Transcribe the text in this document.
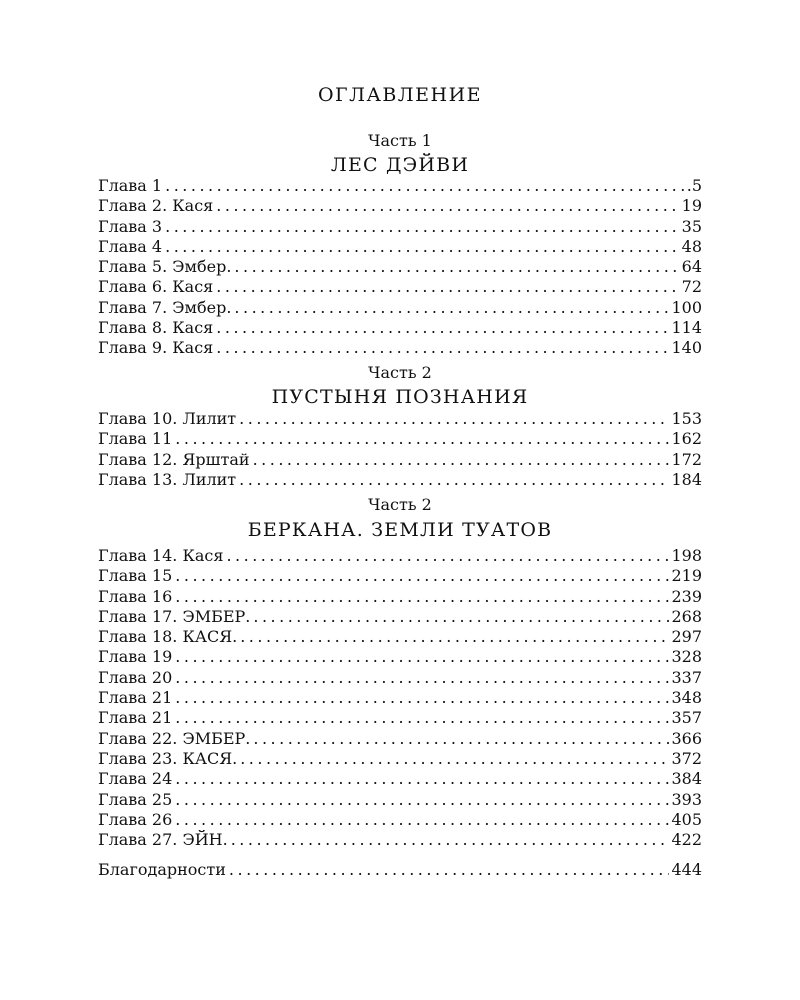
ОГЛАВЛЕНИЕ
Часть 1
ЛЕС ДЭЙВИ
Глава 1 .....	.5
Глава 2. Кася .....	19
Глава 3 .....	35
Глава 4 .....	48
Глава 5. Эмбер. .....	64
Глава 6. Кася .....	72
Глава 7. Эмбер. .....	100
Глава 8. Кася .....	114
Глава 9. Кася .....	140
Часть 2
ПУСТЫНЯ ПОЗНАНИЯ
Глава 10. Лилит .....	153
Глава 11 .....	162
Глава 12. Ярштай .....	172
Глава 13. Лилит .....	184
Часть 2
БЕРКАНА. ЗЕМЛИ ТУАТОВ
Глава 14. Кася .....	198
Глава 15 .....	219
Глава 16 .....	239
Глава 17. ЭМБЕР. .....	268
Глава 18. КАСЯ. .....	297
Глава 19 .....	328
Глава 20 .....	337
Глава 21 .....	348
Глава 21 .....	357
Глава 22. ЭМБЕР. .....	366
Глава 23. КАСЯ. .....	372
Глава 24 .....	384
Глава 25 .....	393
Глава 26 .....	405
Глава 27. ЭЙН. .....	422
Благодарности .....	444
